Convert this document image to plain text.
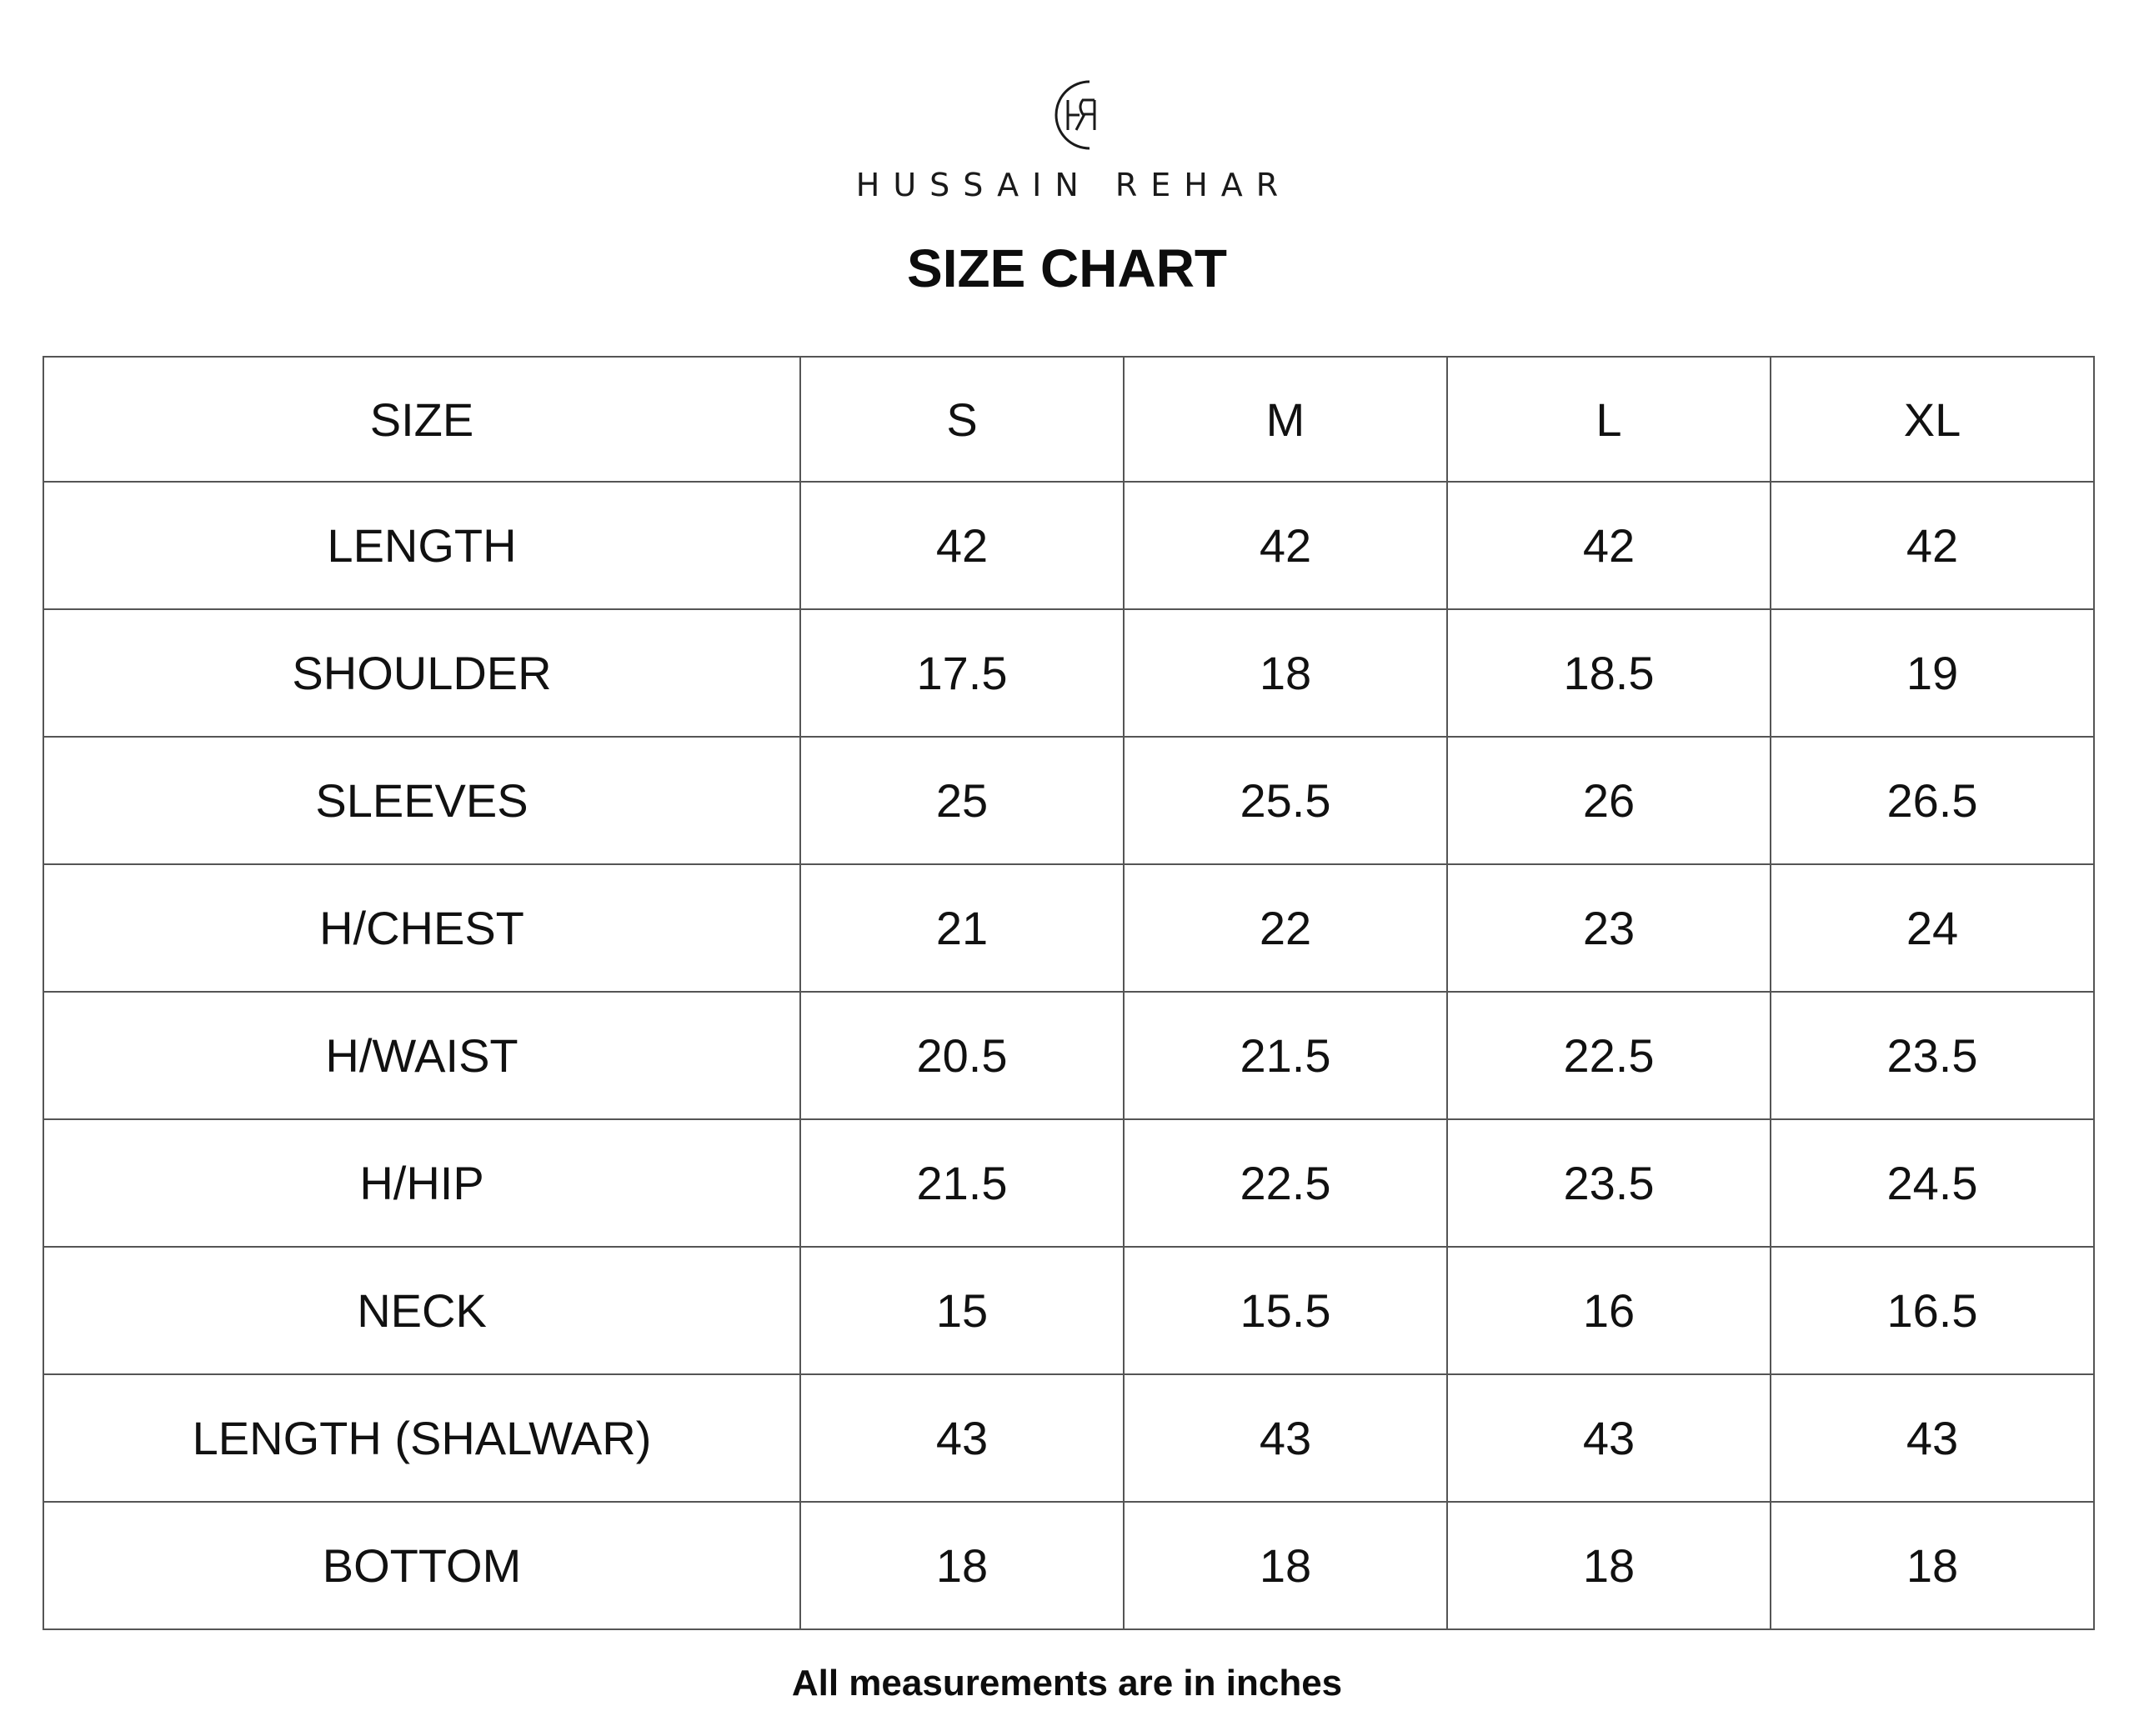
HUSSAIN REHAR
SIZE CHART
SIZE	S	M	L	XL
LENGTH	42	42	42	42
SHOULDER	17.5	18	18.5	19
SLEEVES	25	25.5	26	26.5
H/CHEST	21	22	23	24
H/WAIST	20.5	21.5	22.5	23.5
H/HIP	21.5	22.5	23.5	24.5
NECK	15	15.5	16	16.5
LENGTH (SHALWAR)	43	43	43	43
BOTTOM	18	18	18	18
All measurements are in inches
